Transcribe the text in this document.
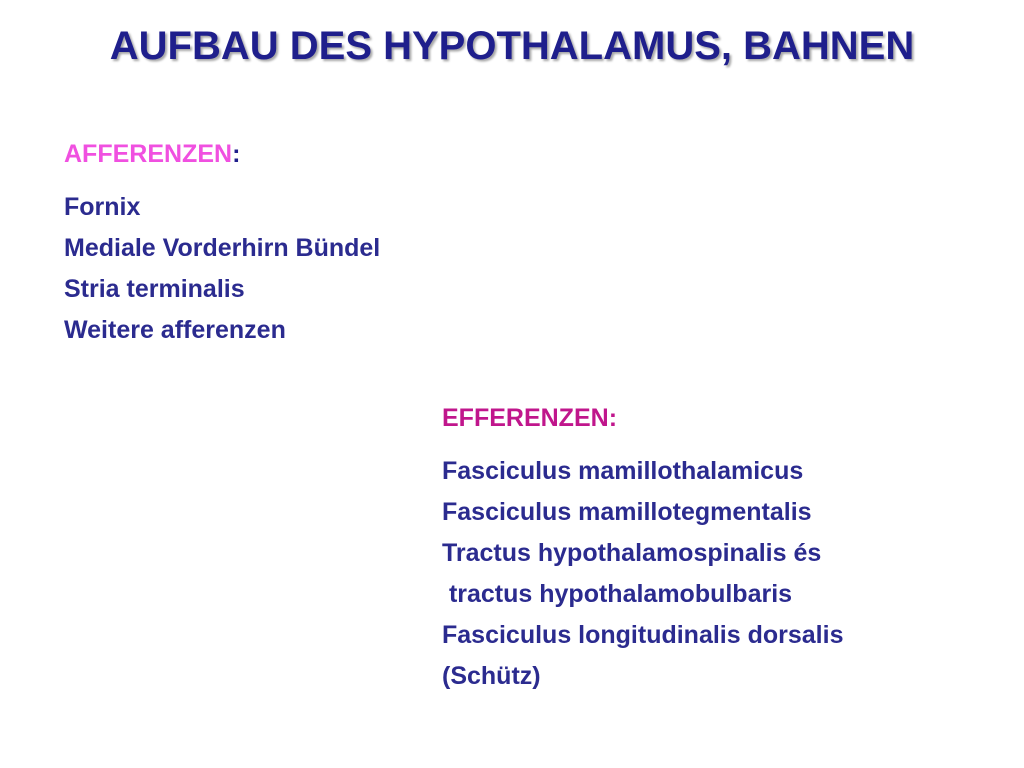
AUFBAU DES HYPOTHALAMUS, BAHNEN
AFFERENZEN:
Fornix
Mediale Vorderhirn Bündel
Stria terminalis
Weitere afferenzen
EFFERENZEN:
Fasciculus mamillothalamicus
Fasciculus mamillotegmentalis
Tractus hypothalamospinalis és
tractus hypothalamobulbaris
Fasciculus longitudinalis dorsalis
(Schütz)
